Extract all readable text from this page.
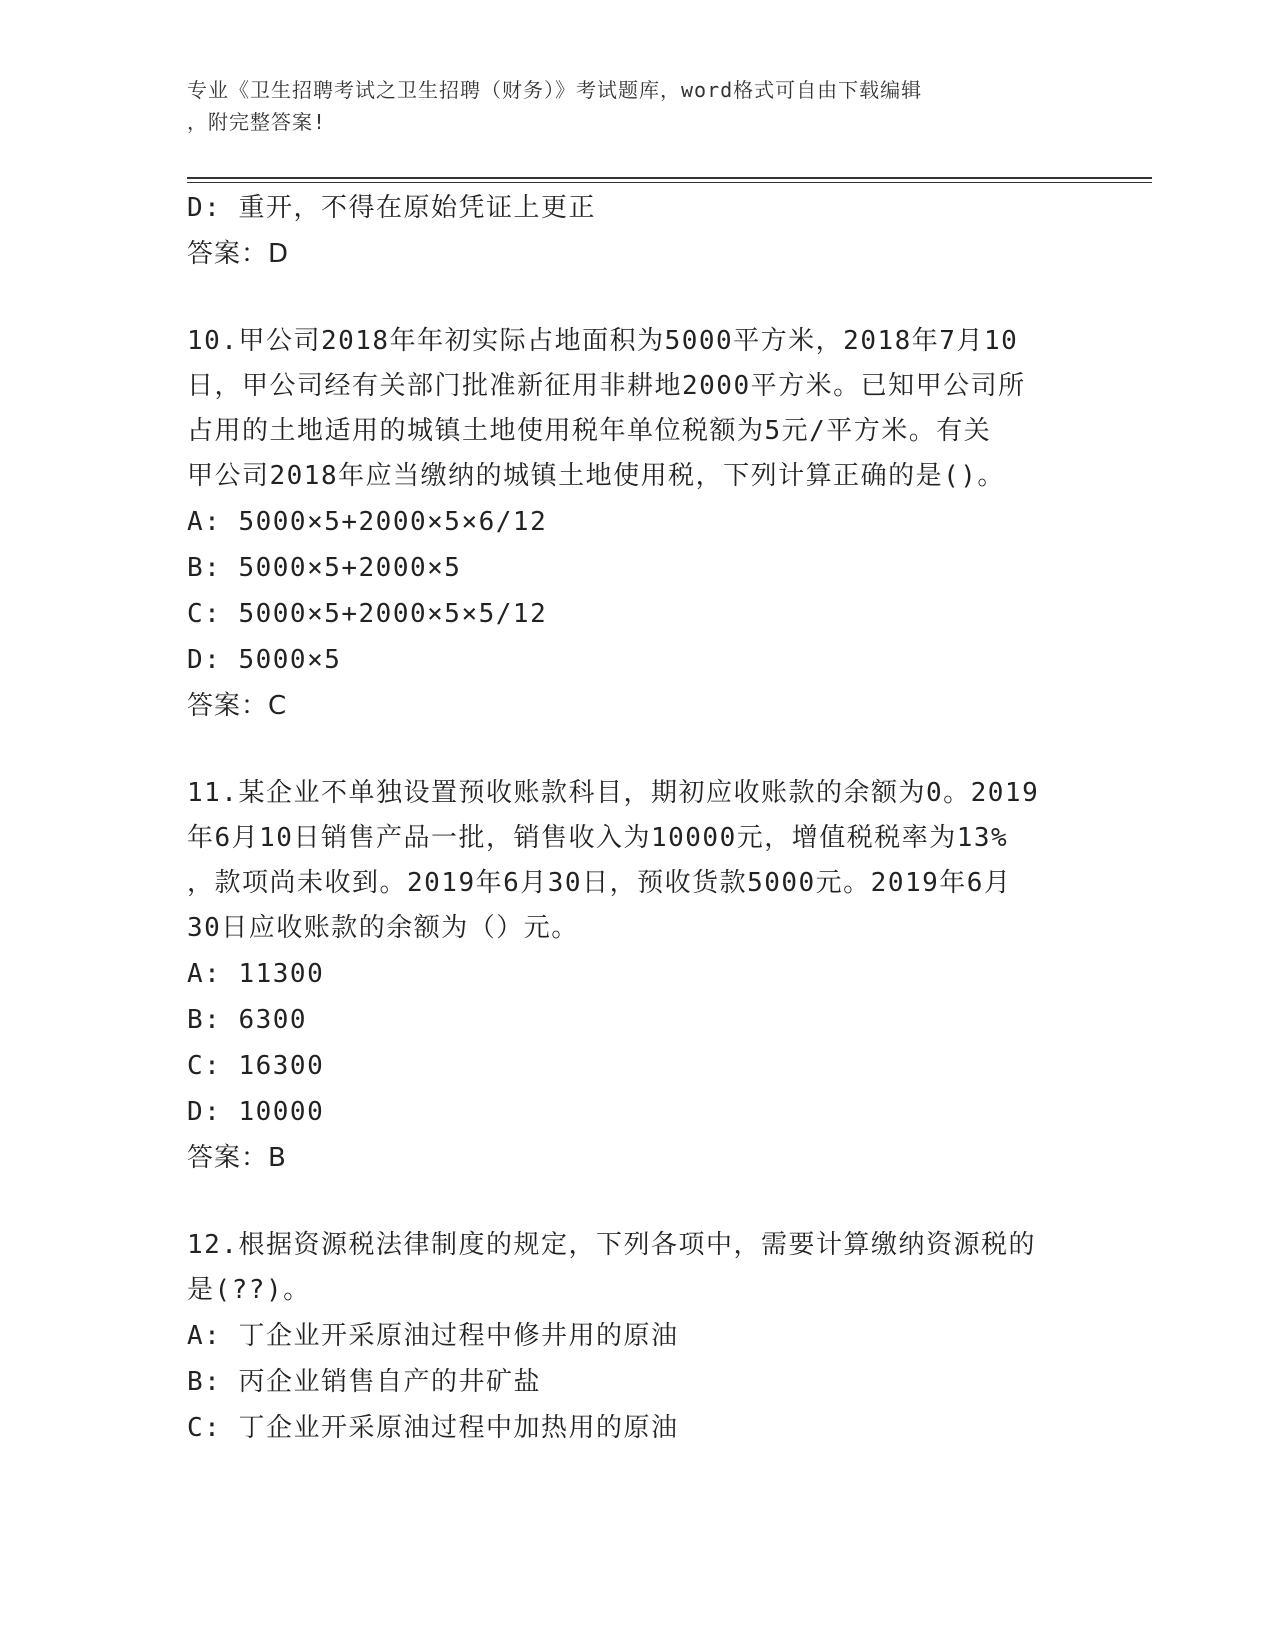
专业《卫生招聘考试之卫生招聘（财务）》考试题库，word格式可自由下载编辑
，附完整答案!
D: 重开，不得在原始凭证上更正
答案：D
10.甲公司2018年年初实际占地面积为5000平方米，2018年7月10
日，甲公司经有关部门批准新征用非耕地2000平方米。已知甲公司所
占用的土地适用的城镇土地使用税年单位税额为5元/平方米。有关
甲公司2018年应当缴纳的城镇土地使用税，下列计算正确的是()。
A: 5000×5+2000×5×6/12
B: 5000×5+2000×5
C: 5000×5+2000×5×5/12
D: 5000×5
答案：C
11.某企业不单独设置预收账款科目，期初应收账款的余额为0。2019
年6月10日销售产品一批，销售收入为10000元，增值税税率为13%
，款项尚未收到。2019年6月30日，预收货款5000元。2019年6月
30日应收账款的余额为（）元。
A: 11300
B: 6300
C: 16300
D: 10000
答案：B
12.根据资源税法律制度的规定，下列各项中，需要计算缴纳资源税的
是(??)。
A: 丁企业开采原油过程中修井用的原油
B: 丙企业销售自产的井矿盐
C: 丁企业开采原油过程中加热用的原油
